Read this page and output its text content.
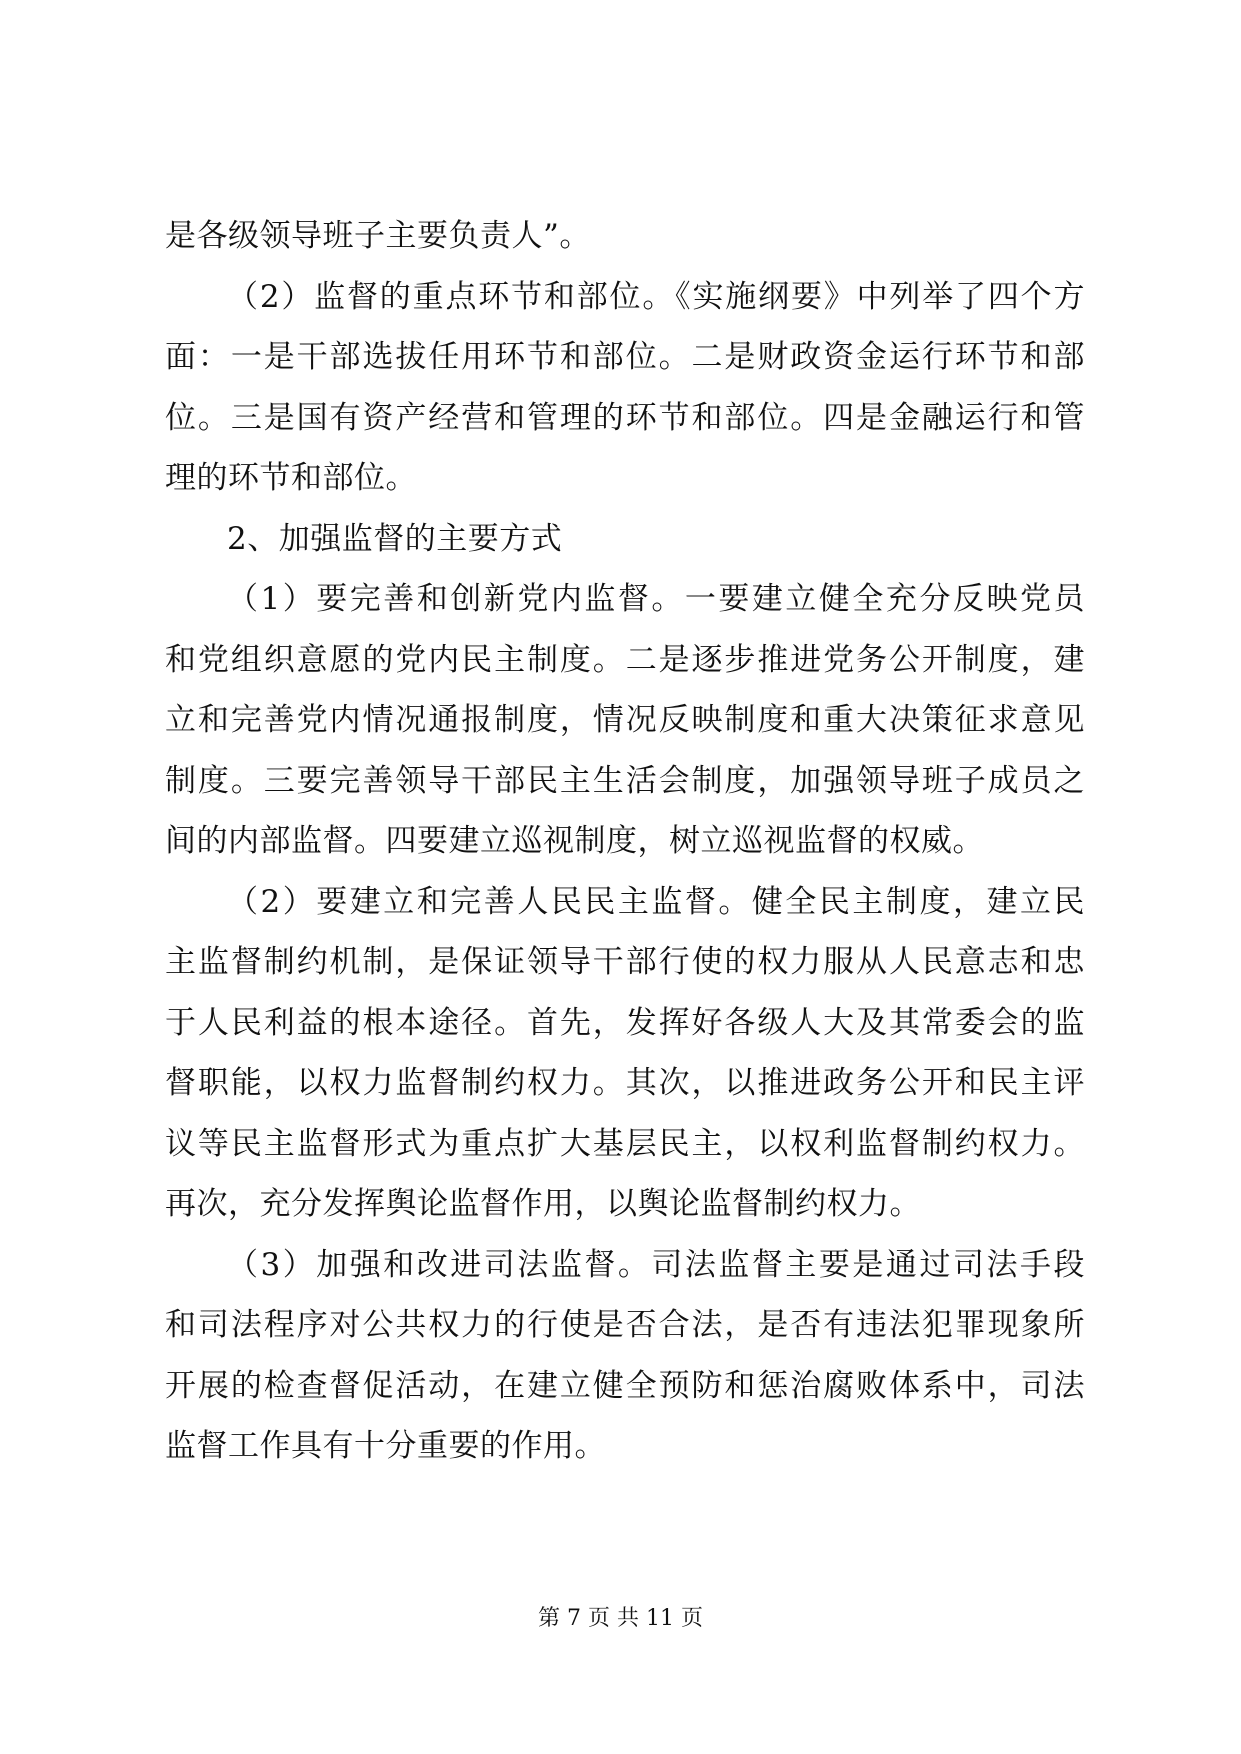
是各级领导班子主要负责人”。
（2）监督的重点环节和部位。《实施纲要》中列举了四个方
面：一是干部选拔任用环节和部位。二是财政资金运行环节和部
位。三是国有资产经营和管理的环节和部位。四是金融运行和管
理的环节和部位。
2、加强监督的主要方式
（1）要完善和创新党内监督。一要建立健全充分反映党员
和党组织意愿的党内民主制度。二是逐步推进党务公开制度，建
立和完善党内情况通报制度，情况反映制度和重大决策征求意见
制度。三要完善领导干部民主生活会制度，加强领导班子成员之
间的内部监督。四要建立巡视制度，树立巡视监督的权威。
（2）要建立和完善人民民主监督。健全民主制度，建立民
主监督制约机制，是保证领导干部行使的权力服从人民意志和忠
于人民利益的根本途径。首先，发挥好各级人大及其常委会的监
督职能，以权力监督制约权力。其次，以推进政务公开和民主评
议等民主监督形式为重点扩大基层民主，以权利监督制约权力。
再次，充分发挥舆论监督作用，以舆论监督制约权力。
（3）加强和改进司法监督。司法监督主要是通过司法手段
和司法程序对公共权力的行使是否合法，是否有违法犯罪现象所
开展的检查督促活动，在建立健全预防和惩治腐败体系中，司法
监督工作具有十分重要的作用。
第 7 页 共 11 页
